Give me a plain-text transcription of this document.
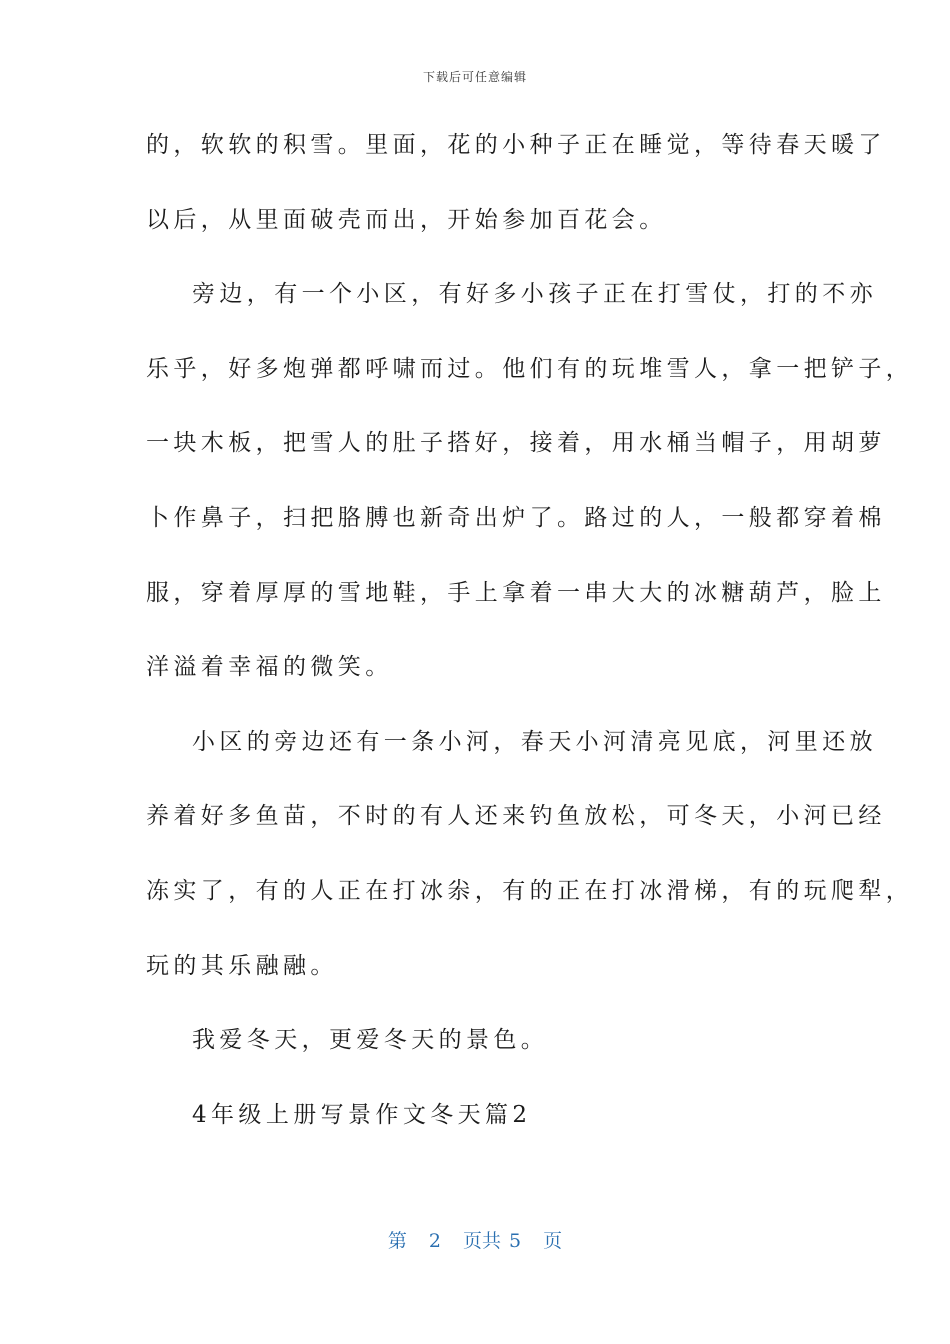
下载后可任意编辑
的，软软的积雪。里面，花的小种子正在睡觉，等待春天暖了
以后，从里面破壳而出，开始参加百花会。
旁边，有一个小区，有好多小孩子正在打雪仗，打的不亦
乐乎，好多炮弹都呼啸而过。他们有的玩堆雪人，拿一把铲子，
一块木板，把雪人的肚子搭好，接着，用水桶当帽子，用胡萝
卜作鼻子，扫把胳膊也新奇出炉了。路过的人，一般都穿着棉
服，穿着厚厚的雪地鞋，手上拿着一串大大的冰糖葫芦，脸上
洋溢着幸福的微笑。
小区的旁边还有一条小河，春天小河清亮见底，河里还放
养着好多鱼苗，不时的有人还来钓鱼放松，可冬天，小河已经
冻实了，有的人正在打冰尜，有的正在打冰滑梯，有的玩爬犁，
玩的其乐融融。
我爱冬天，更爱冬天的景色。
4年级上册写景作文冬天篇2
第 2 页共 5 页
